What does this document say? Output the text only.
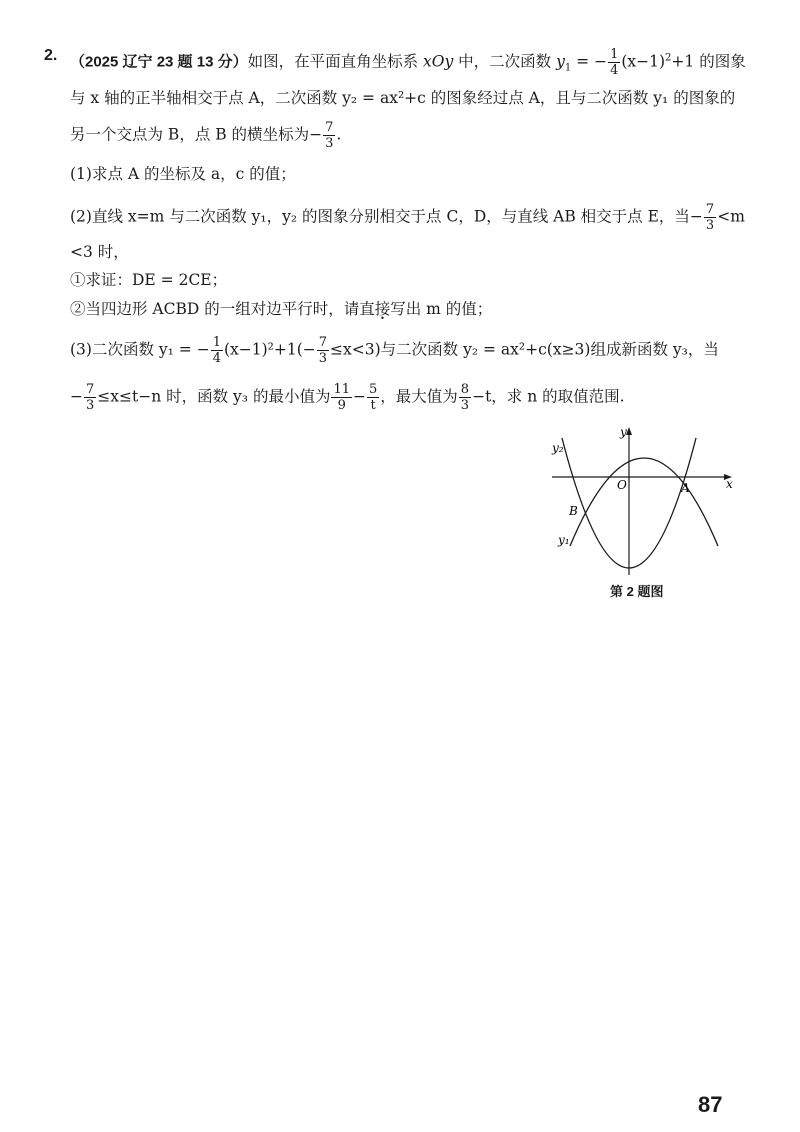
2. （2025 辽宁 23 题 13 分）如图，在平面直角坐标系 xOy 中，二次函数 $y_1$ = − $\frac{1}{4} (x-1)^2+1$ 的图象
与 x 轴的正半轴相交于点 A，二次函数 y₂ = ax²+c 的图象经过点 A，且与二次函数 y₁ 的图象的
另一个交点为 B，点 B 的横坐标为− $\frac{7}{3}$ .
(1)求点 A 的坐标及 a，c 的值；
(2)直线 x=m 与二次函数 y₁，y₂ 的图象分别相交于点 C，D，与直线 AB 相交于点 E，当− $\frac{7}{3} <m$
<3 时，
①求证：DE = 2CE；
②当四边形 ACBD 的一组对边平行时，请直接写出 • m 的值；
(3)二次函数 y₁ = − $\frac{1}{4} (x-1)^2+1(- \frac{7}{3} \le x<3)$与二次函数 y₂ = ax²+c(x≥3)组成新函数 y₃，当
− $\frac{7}{3} \le x\le t-n$ 时，函数 y₃ 的最小值为 $\frac{11}{9} - \frac{5}{t}$ ，最大值为 $\frac{8}{3} -t$，求 n 的取值范围.
y₂
y₁
y
x
O	A
B
第 2 题图
87
